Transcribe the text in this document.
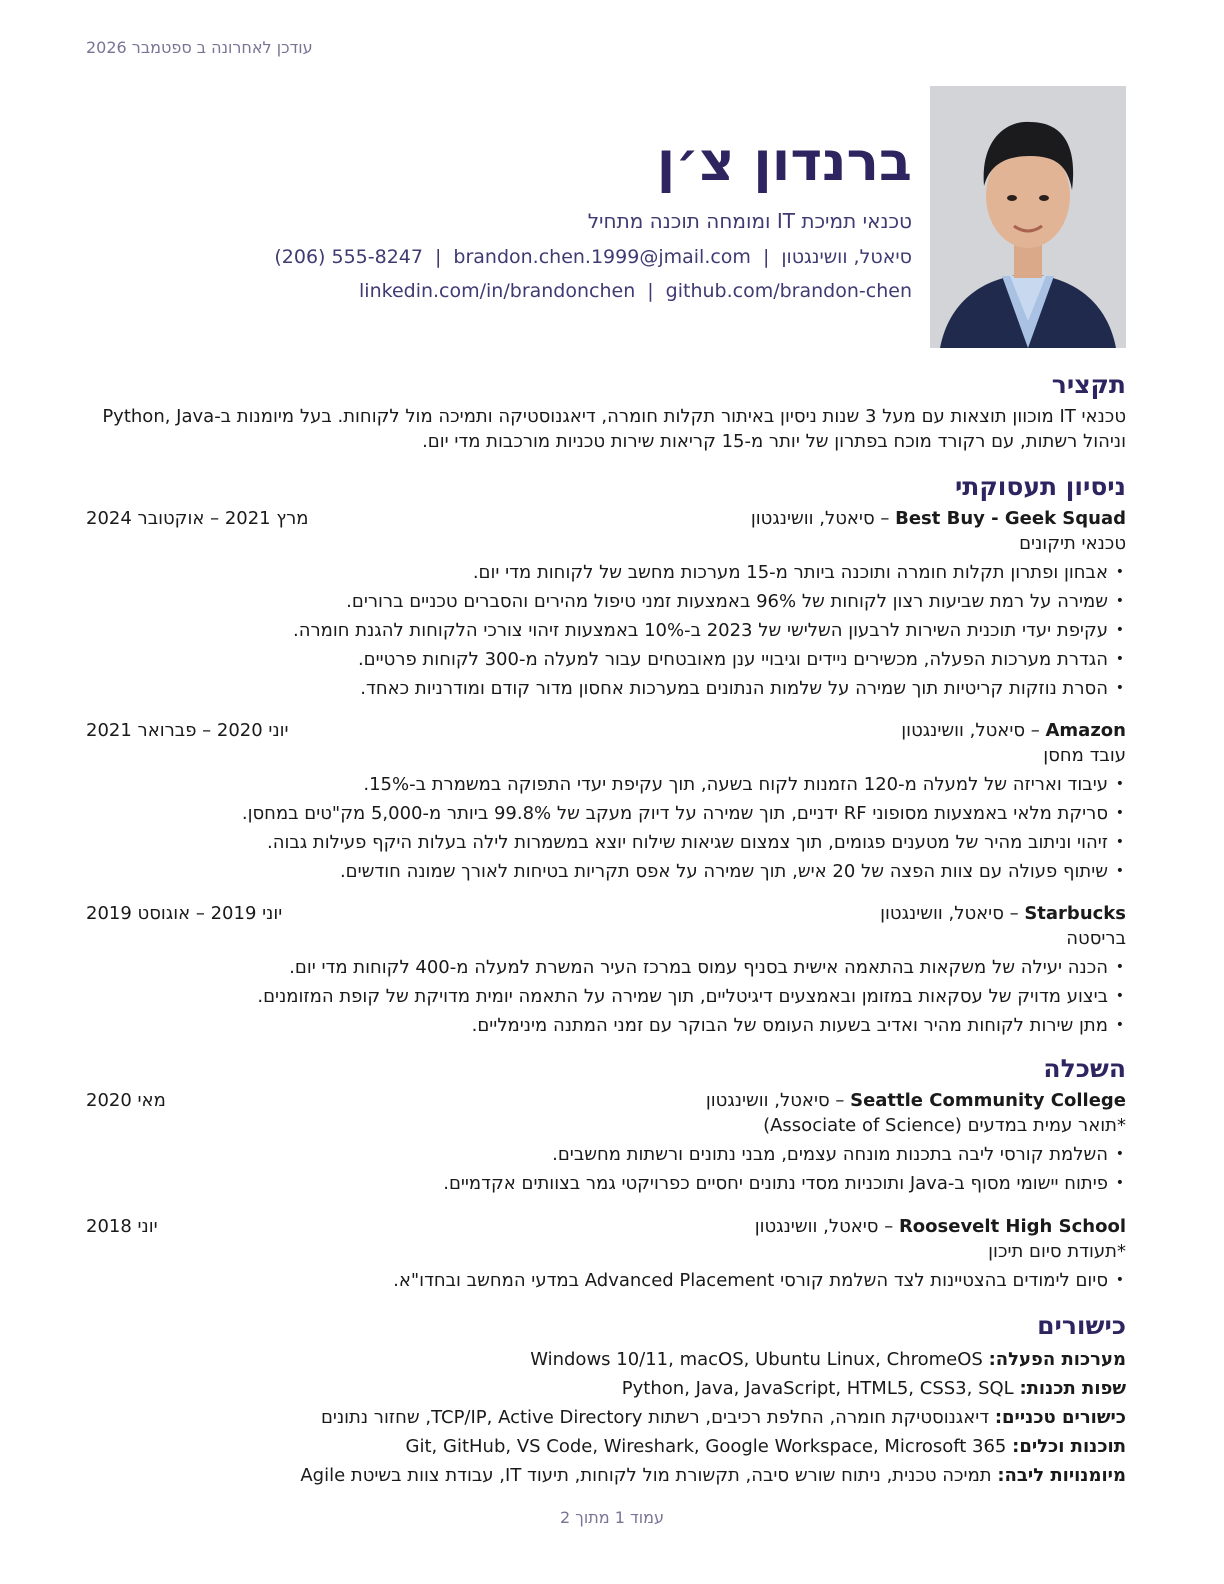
עודכן לאחרונה ב ספטמבר 2026
ברנדון צ׳ן
טכנאי תמיכת IT ומומחה תוכנה מתחיל
סיאטל, וושינגטון|brandon.chen.1999@jmail.com|(206) 555-8247
linkedin.com/in/brandonchen | github.com/brandon-chen
תקציר
טכנאי IT מוכוון תוצאות עם מעל 3 שנות ניסיון באיתור תקלות חומרה, דיאגנוסטיקה ותמיכה מול לקוחות. בעל מיומנות ב-Python, Java וניהול רשתות, עם רקורד מוכח בפתרון של יותר מ-15 קריאות שירות טכניות מורכבות מדי יום.
ניסיון תעסוקתי
Best Buy - Geek Squad – סיאטל, וושינגטון
מרץ 2021 – אוקטובר 2024
טכנאי תיקונים
• אבחון ופתרון תקלות חומרה ותוכנה ביותר מ-15 מערכות מחשב של לקוחות מדי יום.
• שמירה על רמת שביעות רצון לקוחות של 96% באמצעות זמני טיפול מהירים והסברים טכניים ברורים.
• עקיפת יעדי תוכנית השירות לרבעון השלישי של 2023 ב-10% באמצעות זיהוי צורכי הלקוחות להגנת חומרה.
• הגדרת מערכות הפעלה, מכשירים ניידים וגיבויי ענן מאובטחים עבור למעלה מ-300 לקוחות פרטיים.
• הסרת נוזקות קריטיות תוך שמירה על שלמות הנתונים במערכות אחסון מדור קודם ומודרניות כאחד.
Amazon – סיאטל, וושינגטון
יוני 2020 – פברואר 2021
עובד מחסן
• עיבוד ואריזה של למעלה מ-120 הזמנות לקוח בשעה, תוך עקיפת יעדי התפוקה במשמרת ב-15%.
• סריקת מלאי באמצעות מסופוני RF ידניים, תוך שמירה על דיוק מעקב של 99.8% ביותר מ-5,000 מק"טים במחסן.
• זיהוי וניתוב מהיר של מטענים פגומים, תוך צמצום שגיאות שילוח יוצא במשמרות לילה בעלות היקף פעילות גבוה.
• שיתוף פעולה עם צוות הפצה של 20 איש, תוך שמירה על אפס תקריות בטיחות לאורך שמונה חודשים.
Starbucks – סיאטל, וושינגטון
יוני 2019 – אוגוסט 2019
בריסטה
• הכנה יעילה של משקאות בהתאמה אישית בסניף עמוס במרכז העיר המשרת למעלה מ-400 לקוחות מדי יום.
• ביצוע מדויק של עסקאות במזומן ובאמצעים דיגיטליים, תוך שמירה על התאמה יומית מדויקת של קופת המזומנים.
• מתן שירות לקוחות מהיר ואדיב בשעות העומס של הבוקר עם זמני המתנה מינימליים.
השכלה
Seattle Community College – סיאטל, וושינגטון
מאי 2020
*תואר עמית במדעים (Associate of Science)
• השלמת קורסי ליבה בתכנות מונחה עצמים, מבני נתונים ורשתות מחשבים.
• פיתוח יישומי מסוף ב-Java ותוכניות מסדי נתונים יחסיים כפרויקטי גמר בצוותים אקדמיים.
Roosevelt High School – סיאטל, וושינגטון
יוני 2018
*תעודת סיום תיכון
• סיום לימודים בהצטיינות לצד השלמת קורסי Advanced Placement במדעי המחשב ובחדו"א.
כישורים
מערכות הפעלה: Windows 10/11, macOS, Ubuntu Linux, ChromeOS
שפות תכנות: Python, Java, JavaScript, HTML5, CSS3, SQL
כישורים טכניים: דיאגנוסטיקת חומרה, החלפת רכיבים, רשתות TCP/IP, Active Directory, שחזור נתונים
תוכנות וכלים: Git, GitHub, VS Code, Wireshark, Google Workspace, Microsoft 365
מיומנויות ליבה: תמיכה טכנית, ניתוח שורש סיבה, תקשורת מול לקוחות, תיעוד IT, עבודת צוות בשיטת Agile
עמוד 1 מתוך 2
